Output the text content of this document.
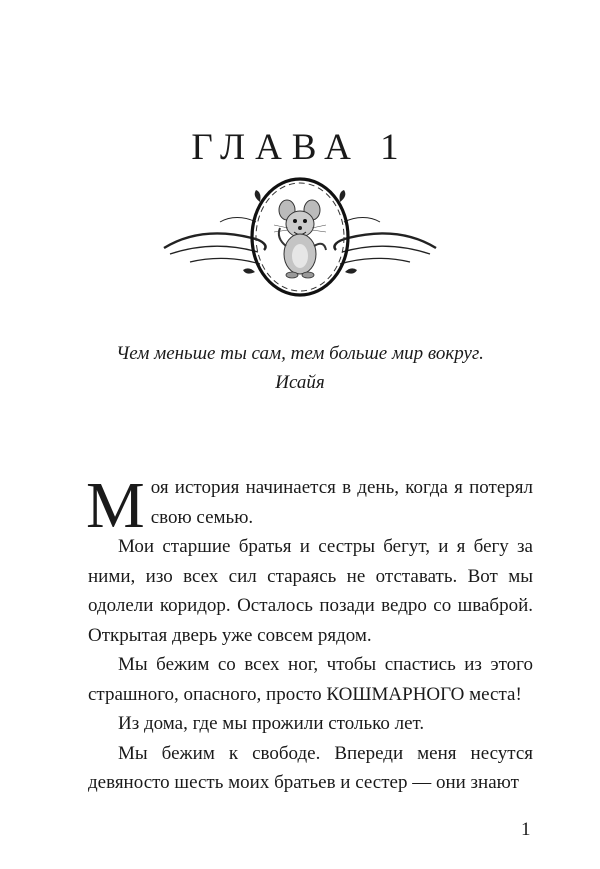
ГЛАВА 1
Чем меньше ты сам, тем больше мир вокруг.
Исайя

Моя история начинается в день, когда я потерял свою семью.

Мои старшие братья и сестры бегут, и я бегу за ними, изо всех сил стараясь не отставать. Вот мы одолели коридор. Осталось позади ведро со шваброй. Открытая дверь уже совсем рядом.

Мы бежим со всех ног, чтобы спастись из этого страшного, опасного, просто КОШМАРНОГО места!

Из дома, где мы прожили столько лет.

Мы бежим к свободе. Впереди меня несутся девяносто шесть моих братьев и сестер — они знают

1
